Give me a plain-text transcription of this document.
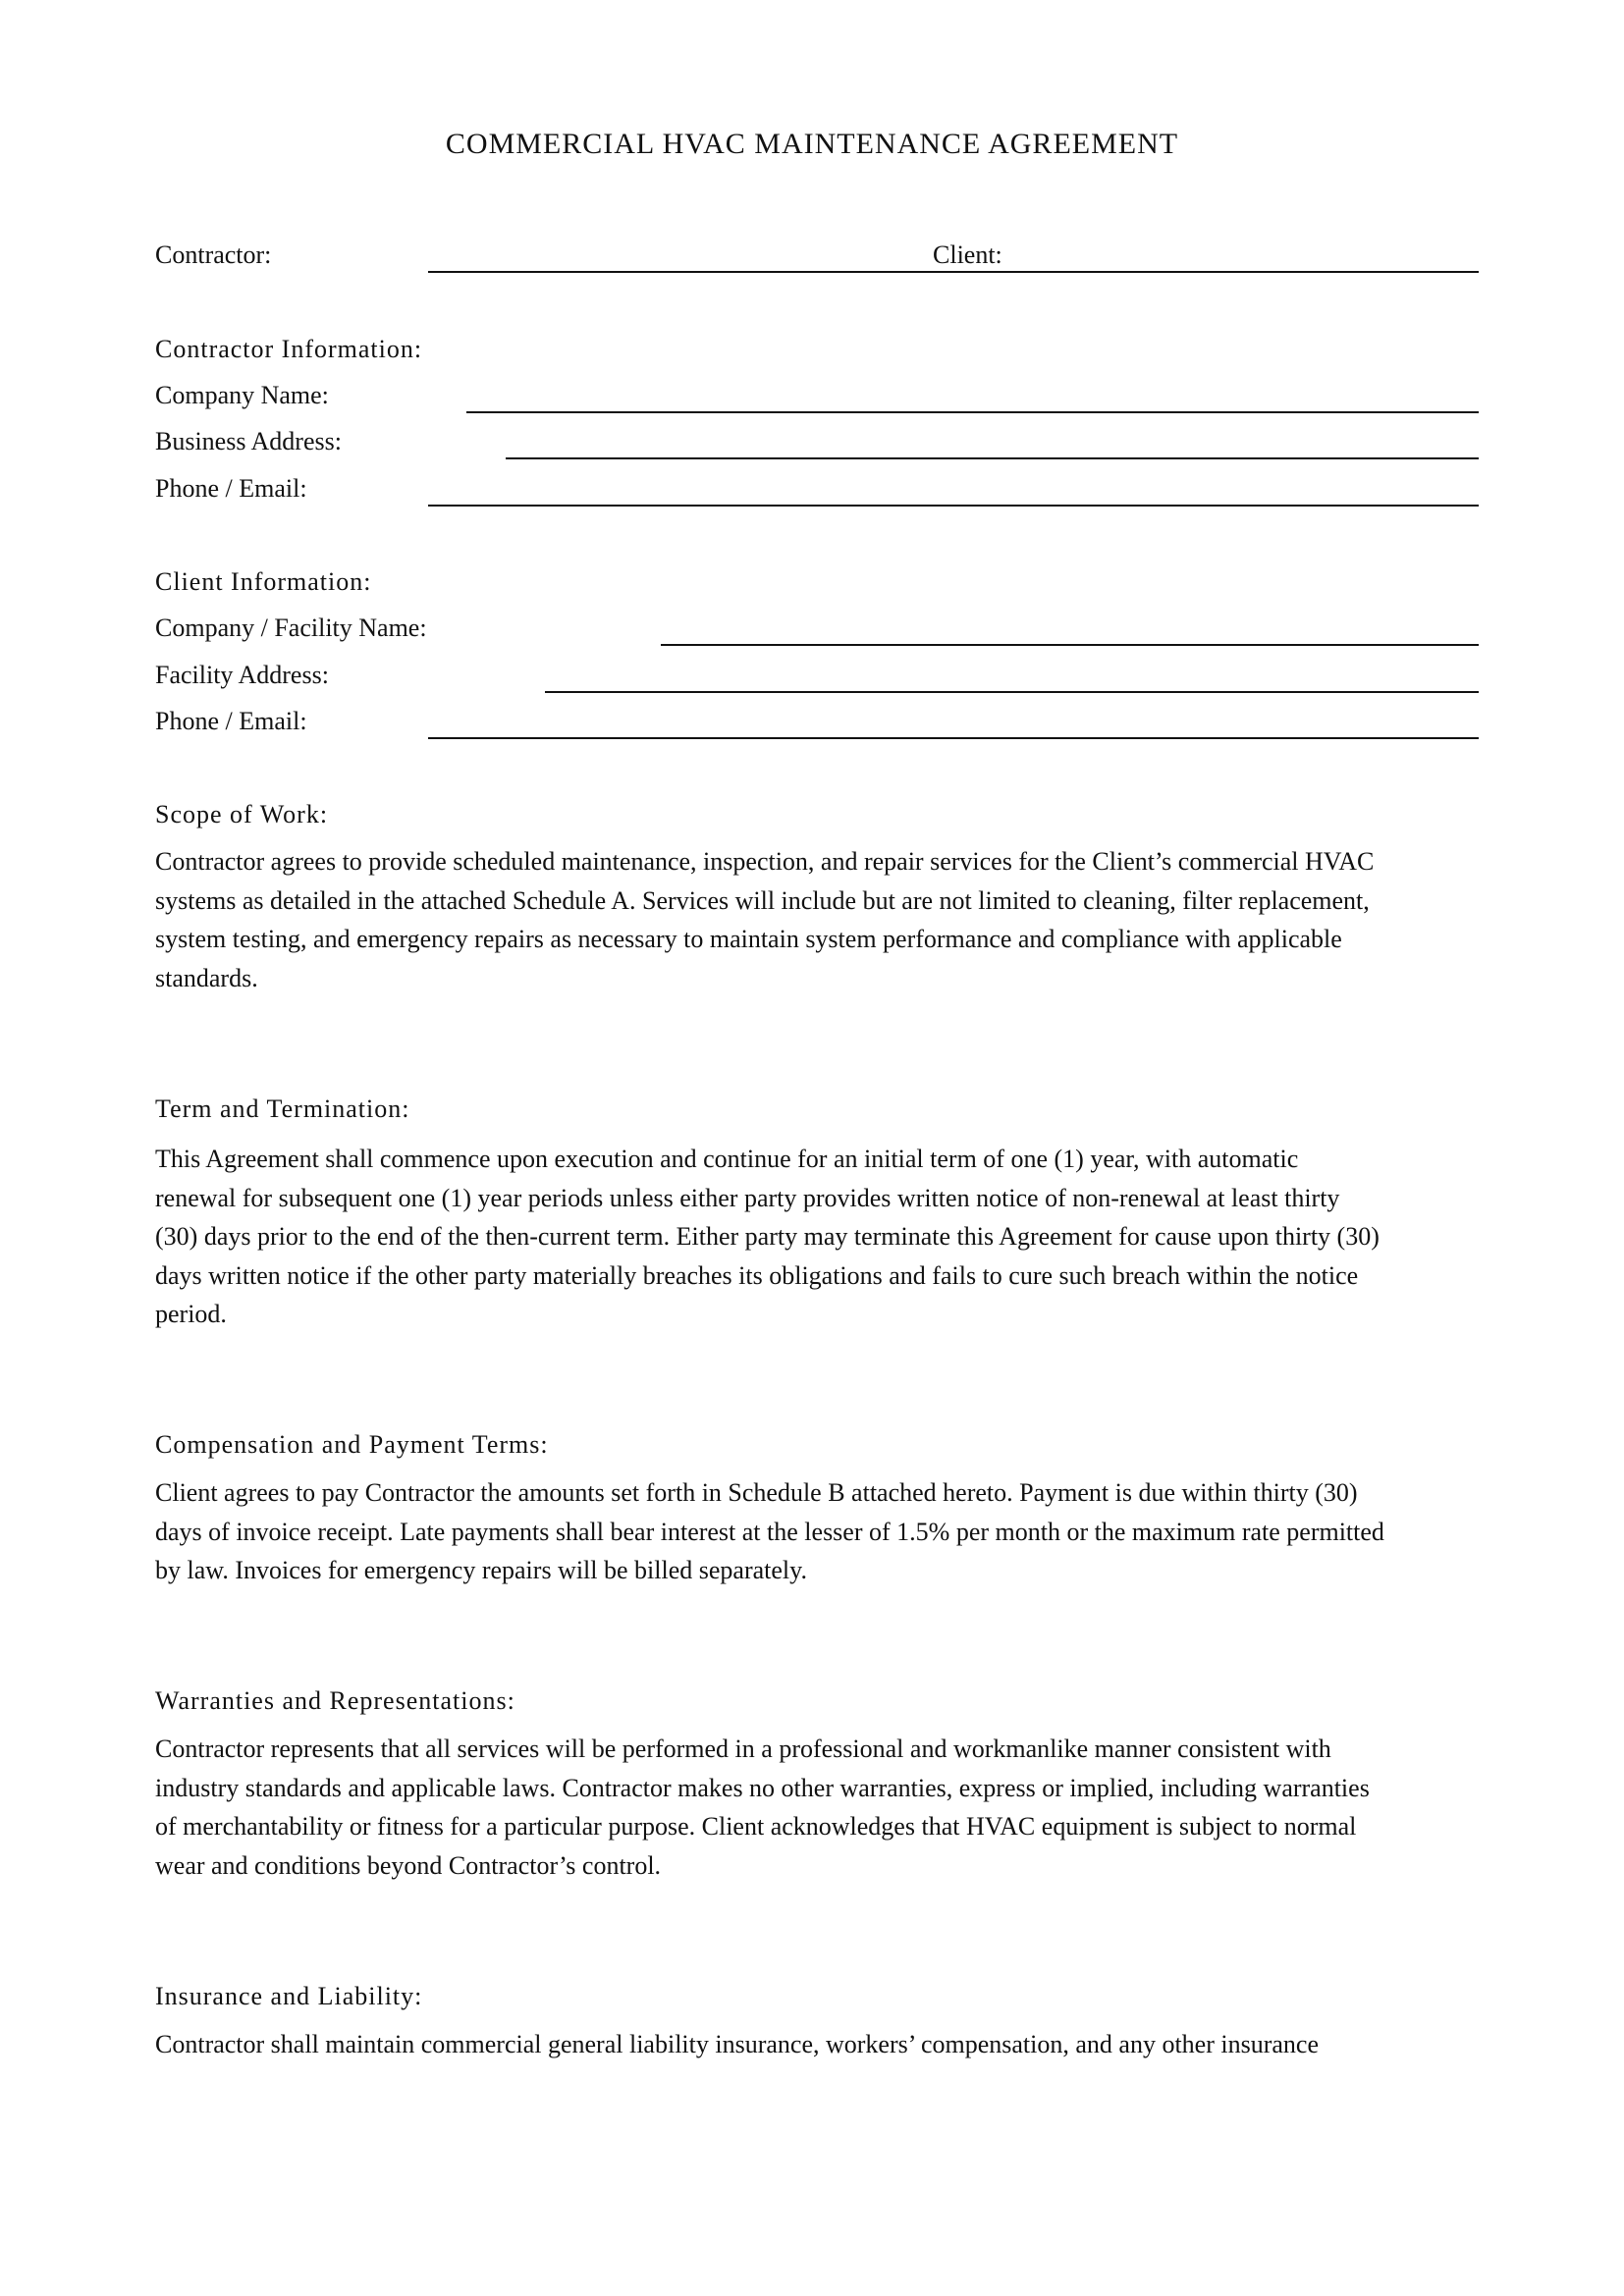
COMMERCIAL HVAC MAINTENANCE AGREEMENT
Contractor:	Client:
Contractor Information:
Company Name:
Business Address:
Phone / Email:
Client Information:
Company / Facility Name:
Facility Address:
Phone / Email:
Scope of Work:

Contractor agrees to provide scheduled maintenance, inspection, and repair services for the Client’s commercial HVAC

systems as detailed in the attached Schedule A. Services will include but are not limited to cleaning, filter replacement,

system testing, and emergency repairs as necessary to maintain system performance and compliance with applicable

standards.

Term and Termination:

This Agreement shall commence upon execution and continue for an initial term of one (1) year, with automatic

renewal for subsequent one (1) year periods unless either party provides written notice of non-renewal at least thirty

(30) days prior to the end of the then-current term. Either party may terminate this Agreement for cause upon thirty (30)

days written notice if the other party materially breaches its obligations and fails to cure such breach within the notice

period.

Compensation and Payment Terms:

Client agrees to pay Contractor the amounts set forth in Schedule B attached hereto. Payment is due within thirty (30)

days of invoice receipt. Late payments shall bear interest at the lesser of 1.5% per month or the maximum rate permitted

by law. Invoices for emergency repairs will be billed separately.

Warranties and Representations:

Contractor represents that all services will be performed in a professional and workmanlike manner consistent with

industry standards and applicable laws. Contractor makes no other warranties, express or implied, including warranties

of merchantability or fitness for a particular purpose. Client acknowledges that HVAC equipment is subject to normal

wear and conditions beyond Contractor’s control.

Insurance and Liability:

Contractor shall maintain commercial general liability insurance, workers’ compensation, and any other insurance
